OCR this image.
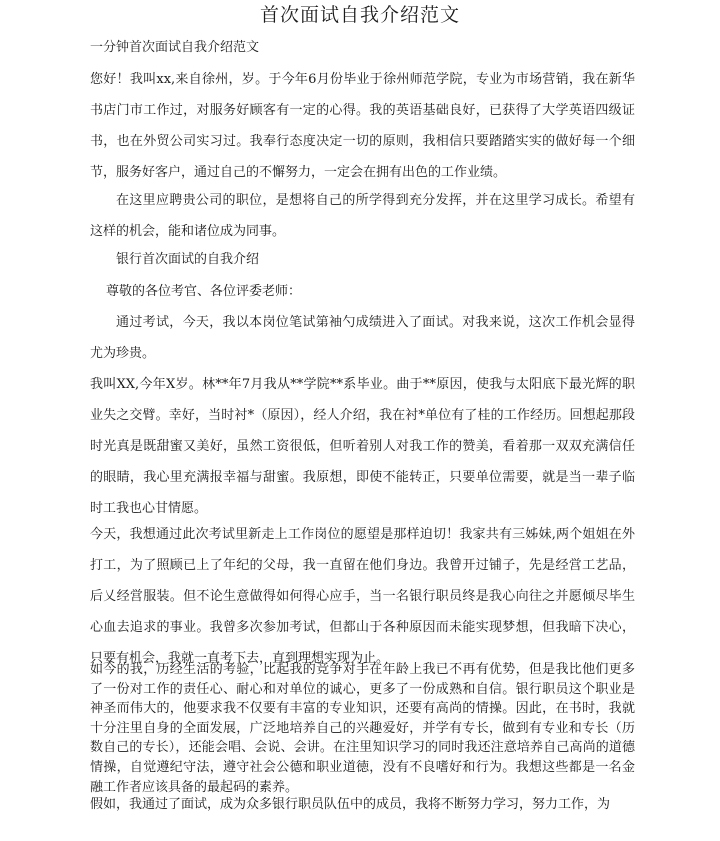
首次面试自我介绍范文
一分钟首次面试自我介绍范文

您好！我叫xx,来自徐州，岁。于今年6月份毕业于徐州师范学院，专业为市场营销，我在新华书店门市工作过，对服务好顾客有一定的心得。我的英语基础良好，已获得了大学英语四级证书，也在外贸公司实习过。我奉行态度决定一切的原则，我相信只要踏踏实实的做好每一个细节，服务好客户，通过自己的不懈努力，一定会在拥有出色的工作业绩。

在这里应聘贵公司的职位，是想将自己的所学得到充分发挥，并在这里学习成长。希望有这样的机会，能和诸位成为同事。

银行首次面试的自我介绍
尊敬的各位考官、各位评委老师：

通过考试，今天，我以本岗位笔试第袖勺成绩进入了面试。对我来说，这次工作机会显得尤为珍贵。

我叫XX,今年X岁。林**年7月我从**学院**系毕业。曲于**原因，使我与太阳底下最光辉的职业失之交臂。幸好，当时衬*（原因），经人介绍，我在衬*单位有了桂的工作经历。回想起那段时光真是既甜蜜又美好，虽然工资很低，但听着别人对我工作的赞美，看着那一双双充满信任的眼睛，我心里充满报幸福与甜蜜。我原想，即使不能转正，只要单位需要，就是当一辈子临时工我也心甘情愿。

今天，我想通过此次考试里新走上工作岗位的愿望是那样迫切！我家共有三姊妹,两个姐姐在外打工，为了照顾已上了年纪的父母，我一直留在他们身边。我曾开过铺子，先是经営工艺品，后乂经営服装。但不论生意做得如何得心应手，当一名银行职员终是我心向往之并愿倾尽毕生心血去追求的事业。我曾多次参加考试，但都山于各种原因而未能实现梦想，但我暗下决心，只要有机会，我就一直考下去，直到理想实现为止。

如今的我，历经生活的考验，比起我的竞争对手在年龄上我已不再有优势，但是我比他们更多了一份对工作的责任心、耐心和对单位的诚心，更多了一份成熟和自信。银行职员这个职业是神圣而伟大的，他要求我不仅要有丰富的专业知识，还要有高尚的情操。因此，在书时，我就十分注里自身的全面发展，广泛地培养自己的兴趣爱好，并学有专长，做到有专业和专长（历数自己的专长），还能会唱、会说、会讲。在注里知识学习的同时我还注意培养自己高尚的道德情操，自觉遵纪守法，遵守社会公德和职业道徳，没有不良嗜好和行为。我想这些都是一名金融工作者应该具备的最起码的素养。

假如，我通过了面试，成为众多银行职员队伍中的成员，我将不断努力学习，努力工作，为
